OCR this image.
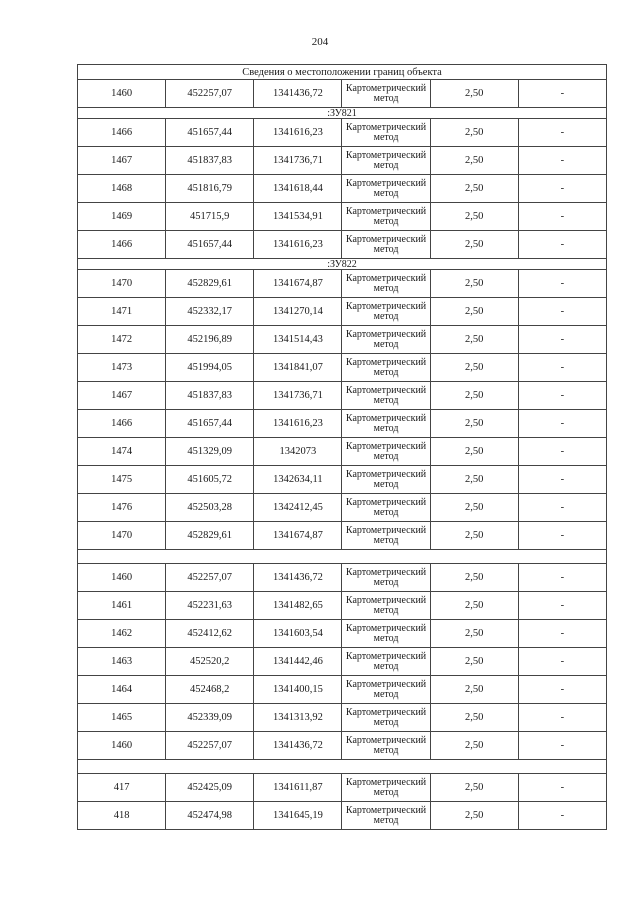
204
Сведения о местоположении границ объекта					
1460	452257,07	1341436,72	Картометрический метод	2,50	-
:ЗУ821					
1466	451657,44	1341616,23	Картометрический метод	2,50	-
1467	451837,83	1341736,71	Картометрический метод	2,50	-
1468	451816,79	1341618,44	Картометрический метод	2,50	-
1469	451715,9	1341534,91	Картометрический метод	2,50	-
1466	451657,44	1341616,23	Картометрический метод	2,50	-
:ЗУ822					
1470	452829,61	1341674,87	Картометрический метод	2,50	-
1471	452332,17	1341270,14	Картометрический метод	2,50	-
1472	452196,89	1341514,43	Картометрический метод	2,50	-
1473	451994,05	1341841,07	Картометрический метод	2,50	-
1467	451837,83	1341736,71	Картометрический метод	2,50	-
1466	451657,44	1341616,23	Картометрический метод	2,50	-
1474	451329,09	1342073	Картометрический метод	2,50	-
1475	451605,72	1342634,11	Картометрический метод	2,50	-
1476	452503,28	1342412,45	Картометрический метод	2,50	-
1470	452829,61	1341674,87	Картометрический метод	2,50	-

1460	452257,07	1341436,72	Картометрический метод	2,50	-
1461	452231,63	1341482,65	Картометрический метод	2,50	-
1462	452412,62	1341603,54	Картометрический метод	2,50	-
1463	452520,2	1341442,46	Картометрический метод	2,50	-
1464	452468,2	1341400,15	Картометрический метод	2,50	-
1465	452339,09	1341313,92	Картометрический метод	2,50	-
1460	452257,07	1341436,72	Картометрический метод	2,50	-

417	452425,09	1341611,87	Картометрический метод	2,50	-
418	452474,98	1341645,19	Картометрический метод	2,50	-
